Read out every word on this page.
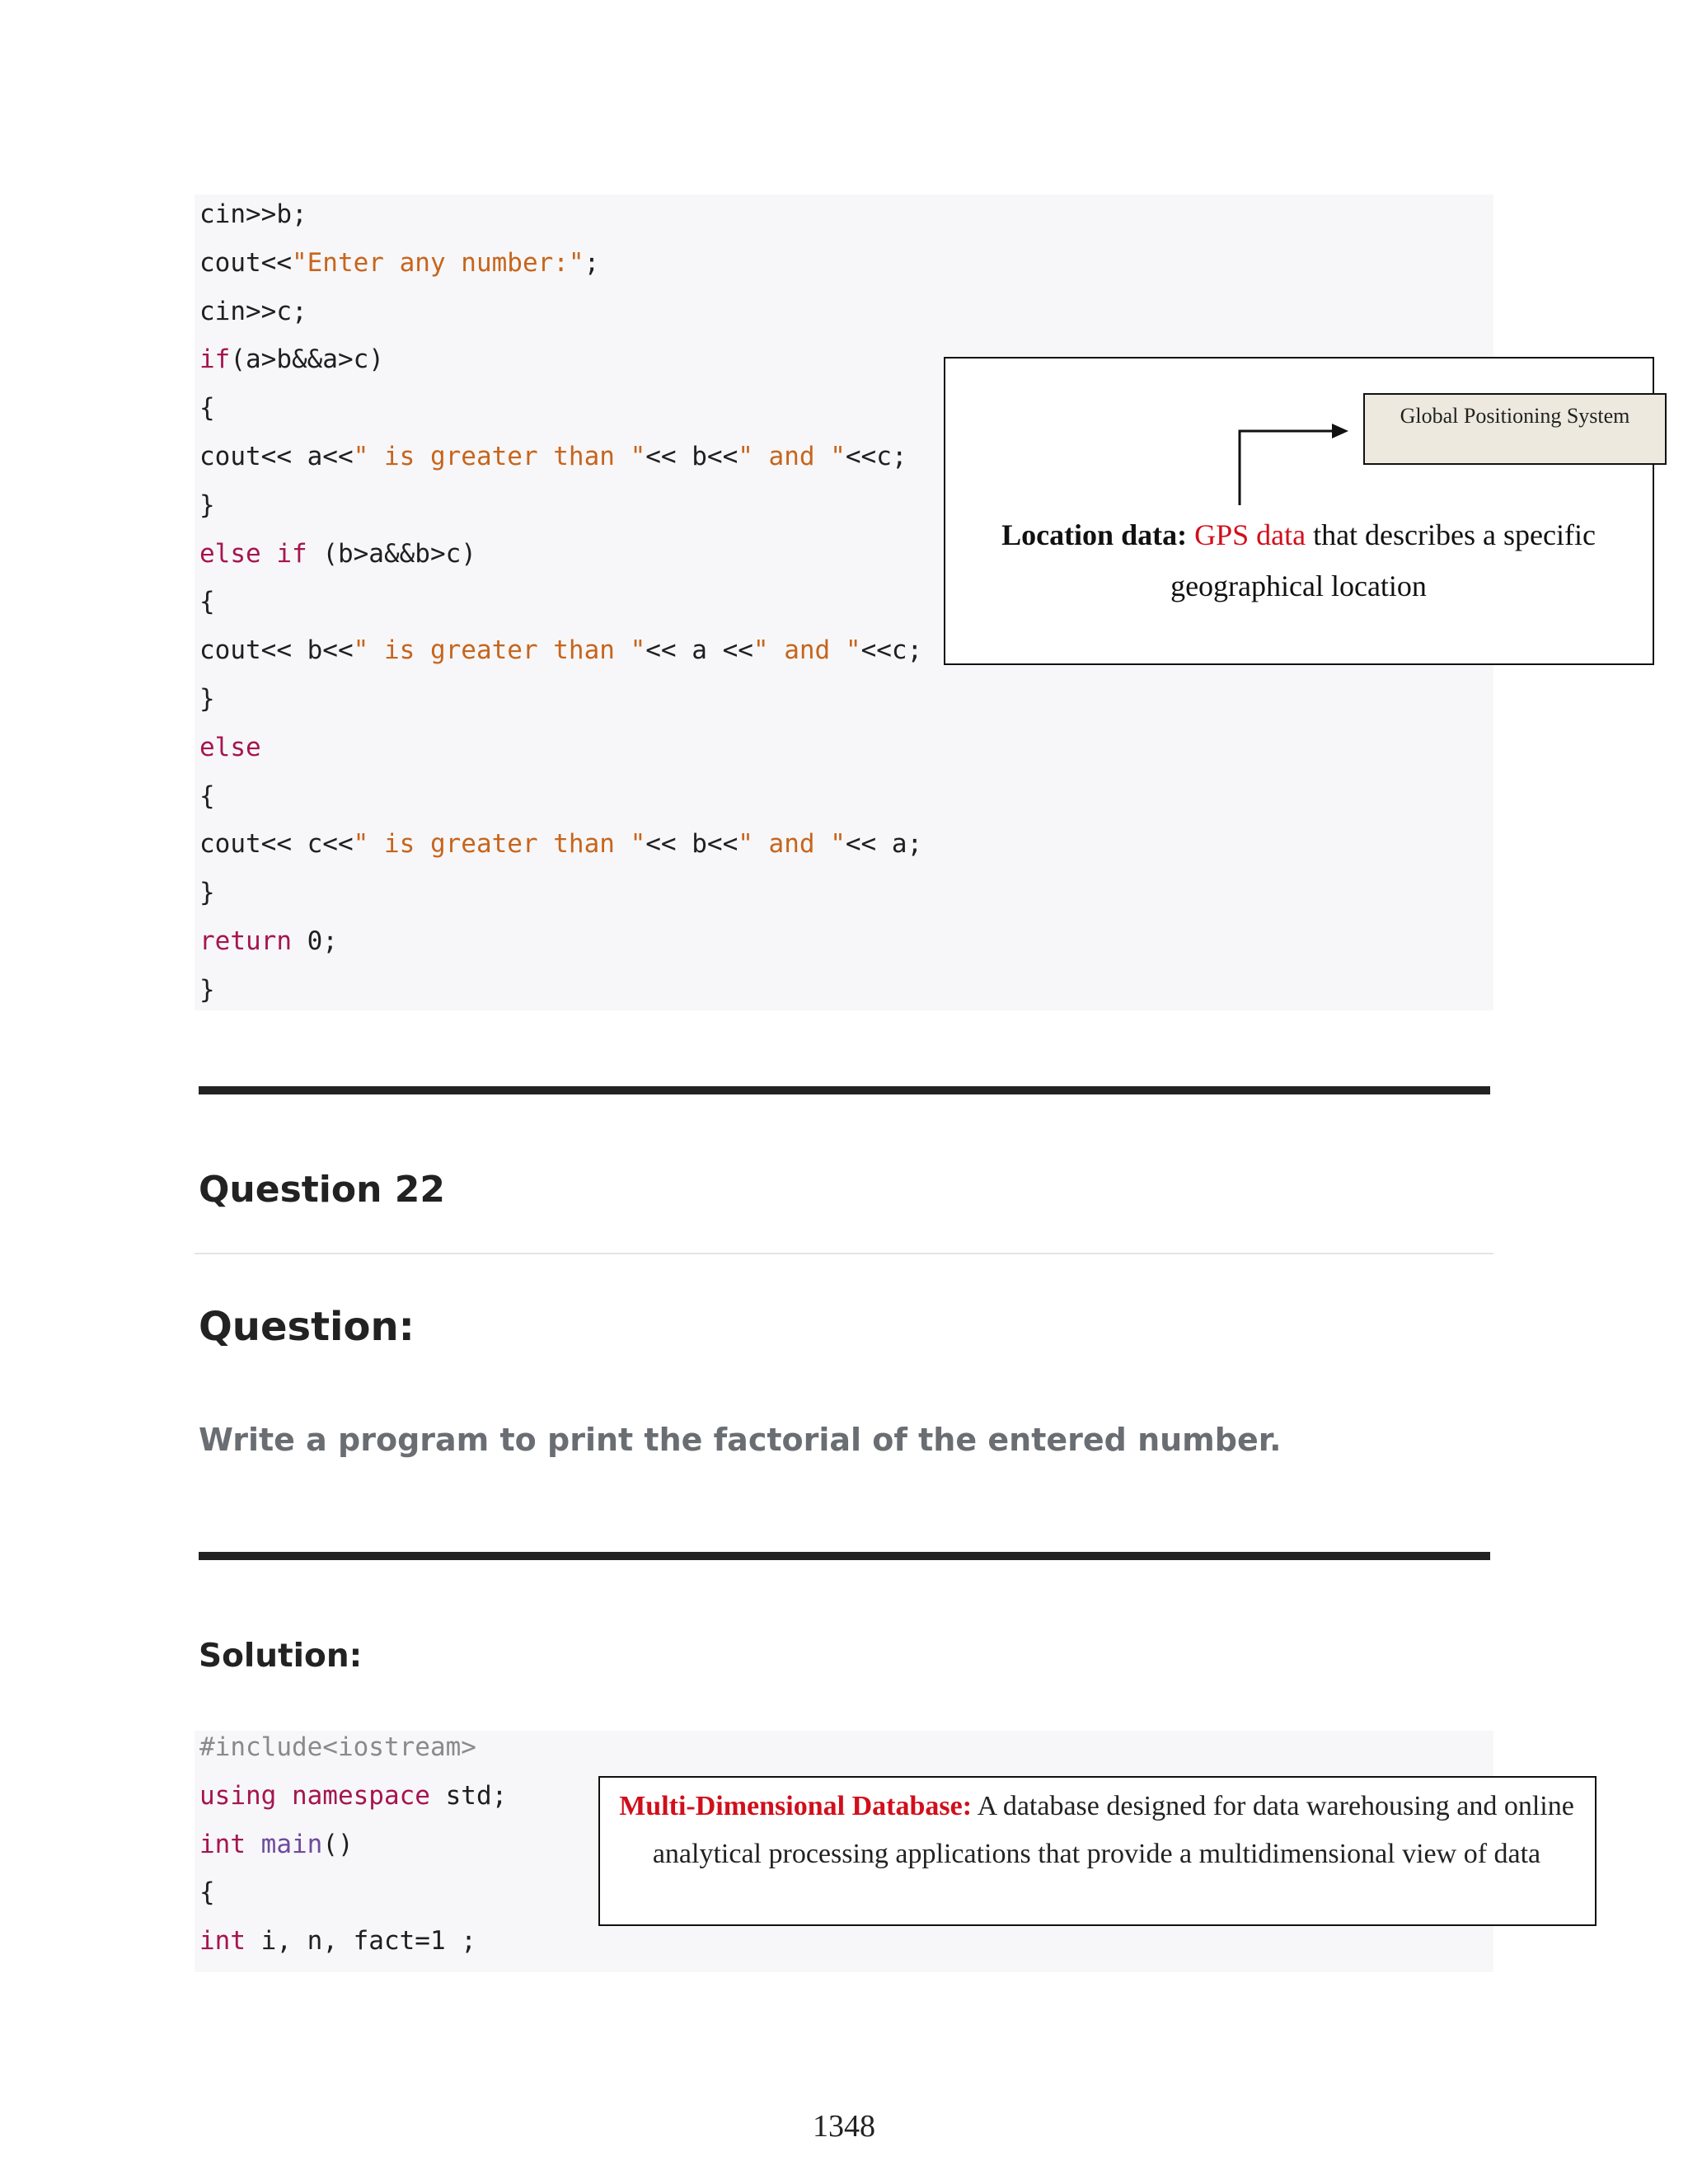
cin>>b;
cout<<"Enter any number:";
cin>>c;
if(a>b&&a>c)
{
cout<< a<<" is greater than "<< b<<" and "<<c;
}
else if (b>a&&b>c)
{
cout<< b<<" is greater than "<< a <<" and "<<c;
}
else
{
cout<< c<<" is greater than "<< b<<" and "<< a;
}
return 0;
}
Global Positioning System
Location data: GPS data that describes a specific
geographical location
Question 22
Question:
Write a program to print the factorial of the entered number.
Solution:
#include<iostream>
using namespace std;
int main()
{
int i, n, fact=1 ;
Multi-Dimensional Database: A database designed for data warehousing and online
analytical processing applications that provide a multidimensional view of data
1348
